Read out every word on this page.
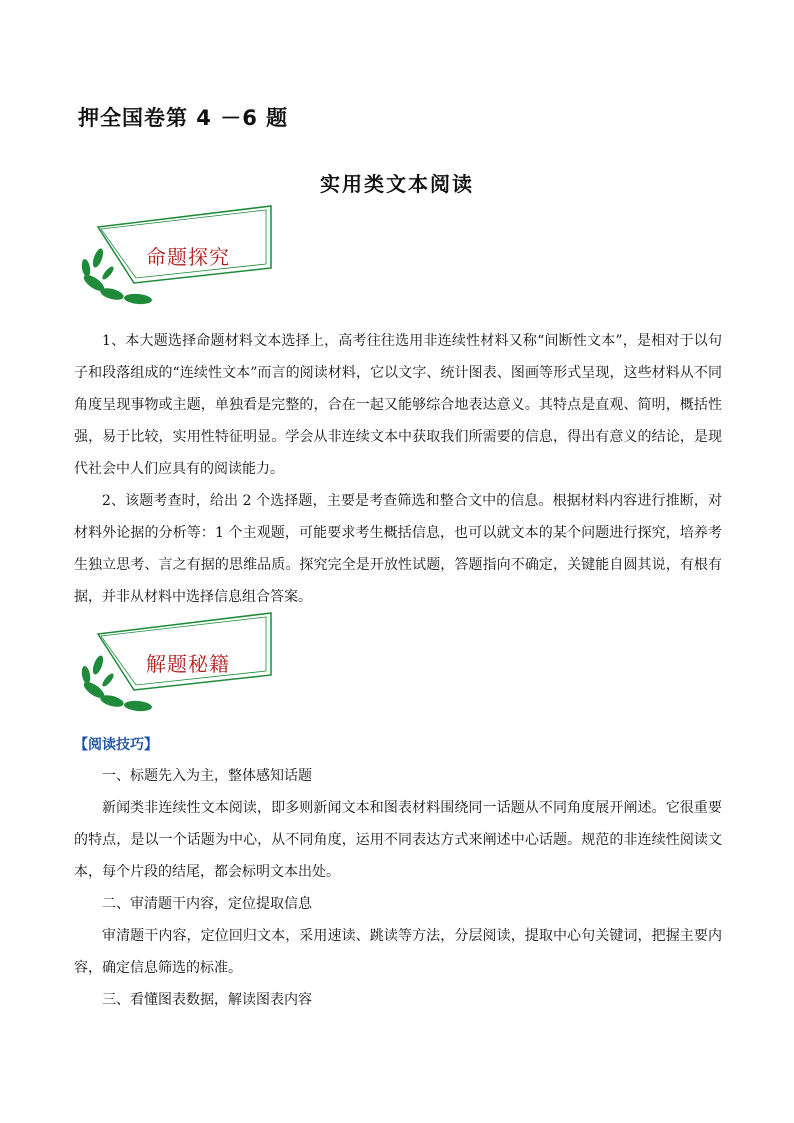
押全国卷第 4 －6 题
实用类文本阅读
命题探究

1、本大题选择命题材料文本选择上，高考往往选用非连续性材料又称“间断性文本”，是相对于以句子和段落组成的“连续性文本”而言的阅读材料，它以文字、统计图表、图画等形式呈现，这些材料从不同角度呈现事物或主题，单独看是完整的，合在一起又能够综合地表达意义。其特点是直观、简明，概括性强，易于比较，实用性特征明显。学会从非连续文本中获取我们所需要的信息，得出有意义的结论，是现代社会中人们应具有的阅读能力。

2、该题考查时，给出 2 个选择题，主要是考查筛选和整合文中的信息。根据材料内容进行推断，对材料外论据的分析等：1 个主观题，可能要求考生概括信息，也可以就文本的某个问题进行探究，培养考生独立思考、言之有据的思维品质。探究完全是开放性试题，答题指向不确定，关键能自圆其说，有根有据，并非从材料中选择信息组合答案。

解题秘籍

【阅读技巧】

一、标题先入为主，整体感知话题

新闻类非连续性文本阅读，即多则新闻文本和图表材料围绕同一话题从不同角度展开阐述。它很重要的特点，是以一个话题为中心，从不同角度，运用不同表达方式来阐述中心话题。规范的非连续性阅读文本，每个片段的结尾，都会标明文本出处。

二、审清题干内容，定位提取信息

审清题干内容，定位回归文本，采用速读、跳读等方法，分层阅读，提取中心句关键词，把握主要内容，确定信息筛选的标准。

三、看懂图表数据，解读图表内容
